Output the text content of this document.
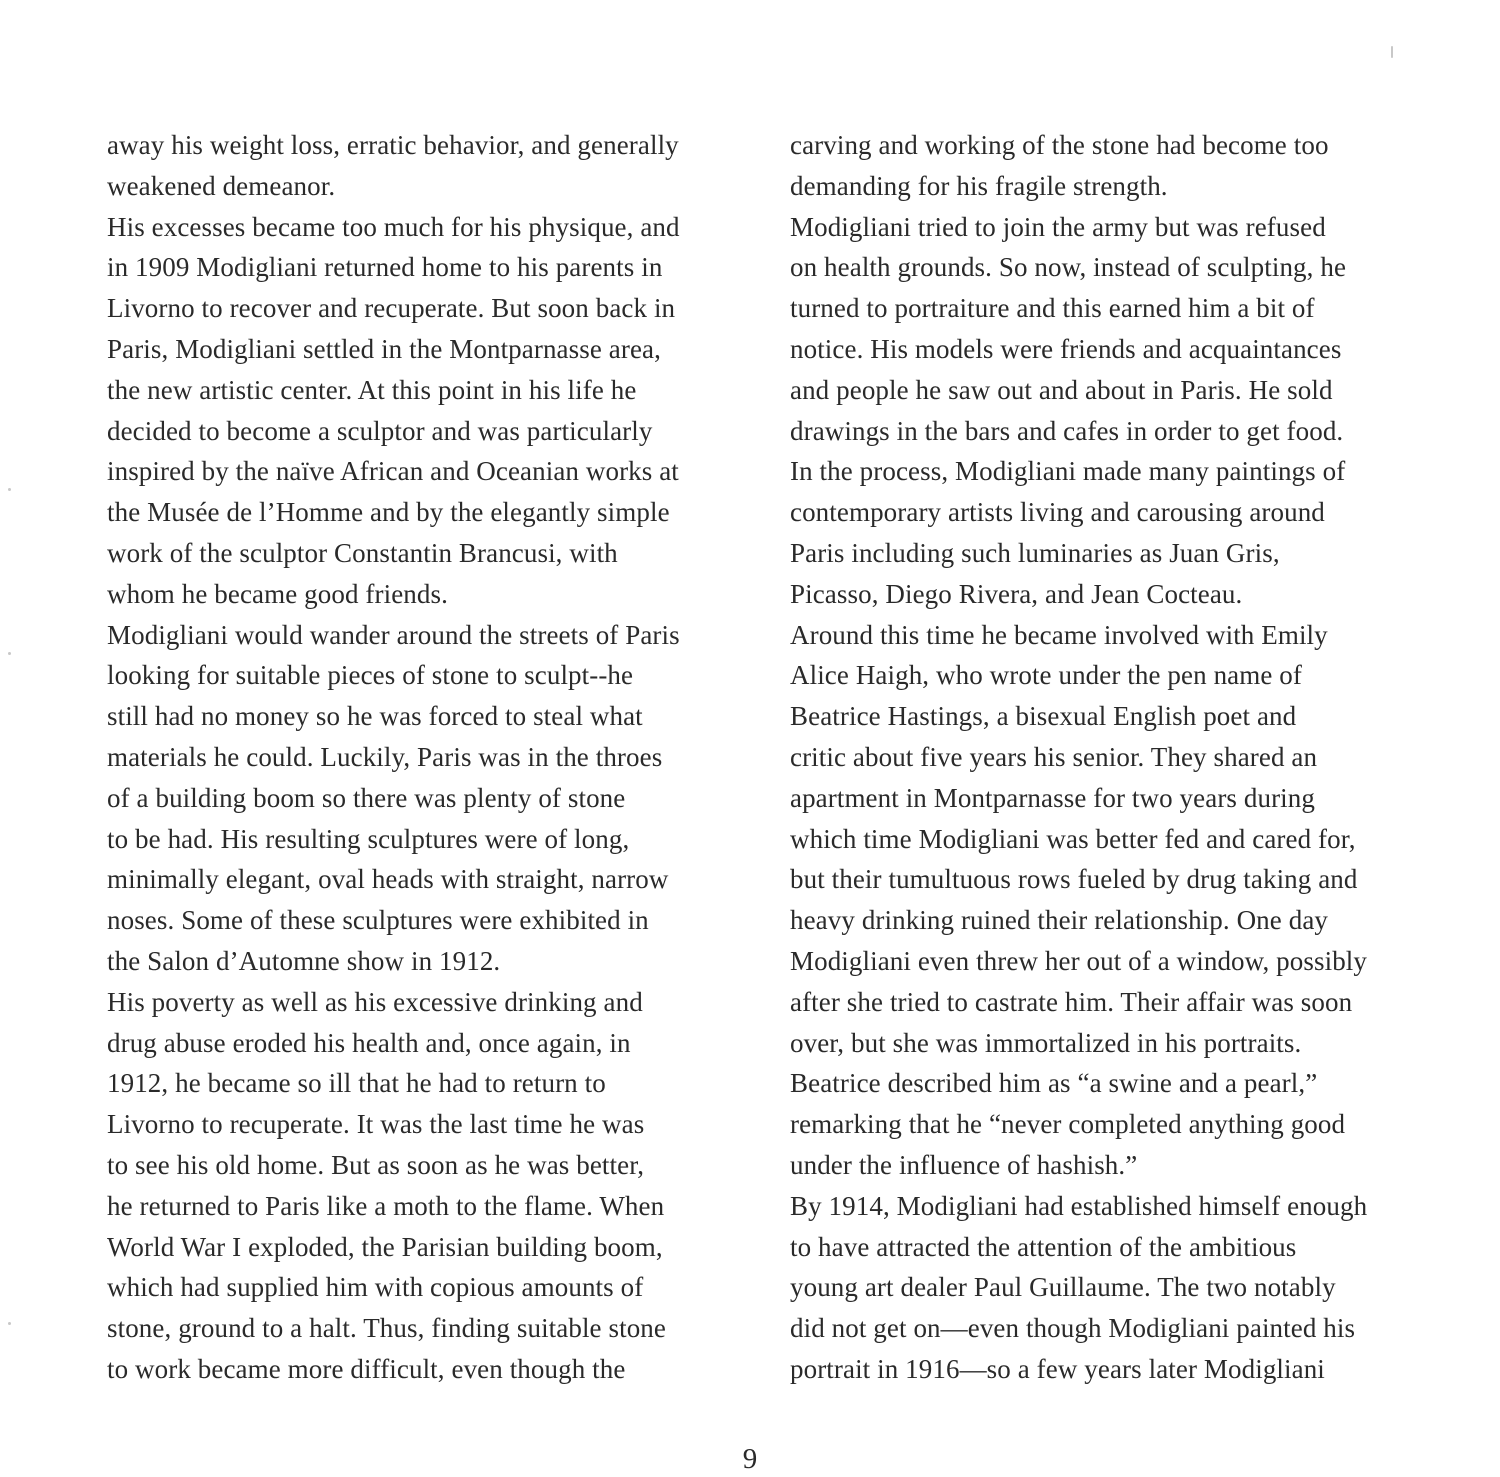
away his weight loss, erratic behavior, and generally
weakened demeanor.
His excesses became too much for his physique, and
in 1909 Modigliani returned home to his parents in
Livorno to recover and recuperate. But soon back in
Paris, Modigliani settled in the Montparnasse area,
the new artistic center. At this point in his life he
decided to become a sculptor and was particularly
inspired by the naïve African and Oceanian works at
the Musée de l’Homme and by the elegantly simple
work of the sculptor Constantin Brancusi, with
whom he became good friends.
Modigliani would wander around the streets of Paris
looking for suitable pieces of stone to sculpt--he
still had no money so he was forced to steal what
materials he could. Luckily, Paris was in the throes
of a building boom so there was plenty of stone
to be had. His resulting sculptures were of long,
minimally elegant, oval heads with straight, narrow
noses. Some of these sculptures were exhibited in
the Salon d’Automne show in 1912.
His poverty as well as his excessive drinking and
drug abuse eroded his health and, once again, in
1912, he became so ill that he had to return to
Livorno to recuperate. It was the last time he was
to see his old home. But as soon as he was better,
he returned to Paris like a moth to the flame. When
World War I exploded, the Parisian building boom,
which had supplied him with copious amounts of
stone, ground to a halt. Thus, finding suitable stone
to work became more difficult, even though the
carving and working of the stone had become too
demanding for his fragile strength.
Modigliani tried to join the army but was refused
on health grounds. So now, instead of sculpting, he
turned to portraiture and this earned him a bit of
notice. His models were friends and acquaintances
and people he saw out and about in Paris. He sold
drawings in the bars and cafes in order to get food.
In the process, Modigliani made many paintings of
contemporary artists living and carousing around
Paris including such luminaries as Juan Gris,
Picasso, Diego Rivera, and Jean Cocteau.
Around this time he became involved with Emily
Alice Haigh, who wrote under the pen name of
Beatrice Hastings, a bisexual English poet and
critic about five years his senior. They shared an
apartment in Montparnasse for two years during
which time Modigliani was better fed and cared for,
but their tumultuous rows fueled by drug taking and
heavy drinking ruined their relationship. One day
Modigliani even threw her out of a window, possibly
after she tried to castrate him. Their affair was soon
over, but she was immortalized in his portraits.
Beatrice described him as “a swine and a pearl,”
remarking that he “never completed anything good
under the influence of hashish.”
By 1914, Modigliani had established himself enough
to have attracted the attention of the ambitious
young art dealer Paul Guillaume. The two notably
did not get on—even though Modigliani painted his
portrait in 1916—so a few years later Modigliani
9
